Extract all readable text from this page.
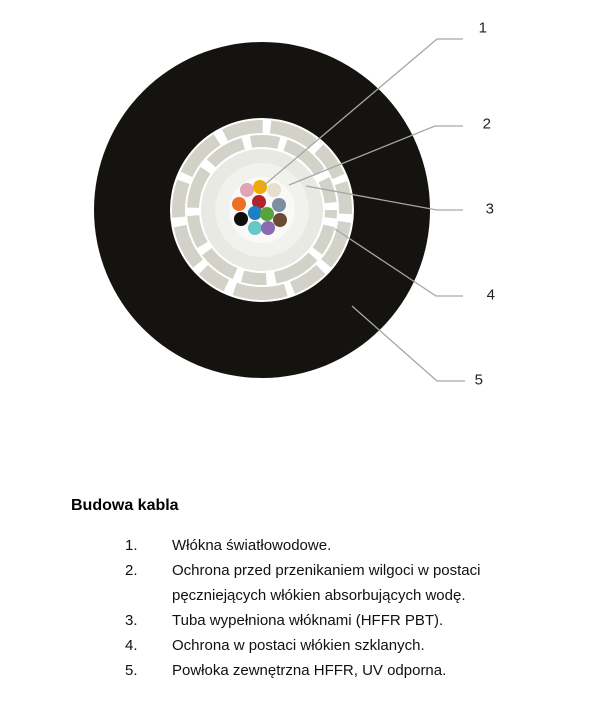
1
2
3
4
5
Budowa kabla
1.	Włókna światłowodowe.
2.	Ochrona przed przenikaniem wilgoci w postaci pęczniejących włókien absorbujących wodę.
3.	Tuba wypełniona włóknami (HFFR PBT).
4.	Ochrona w postaci włókien szklanych.
5.	Powłoka zewnętrzna HFFR, UV odporna.
